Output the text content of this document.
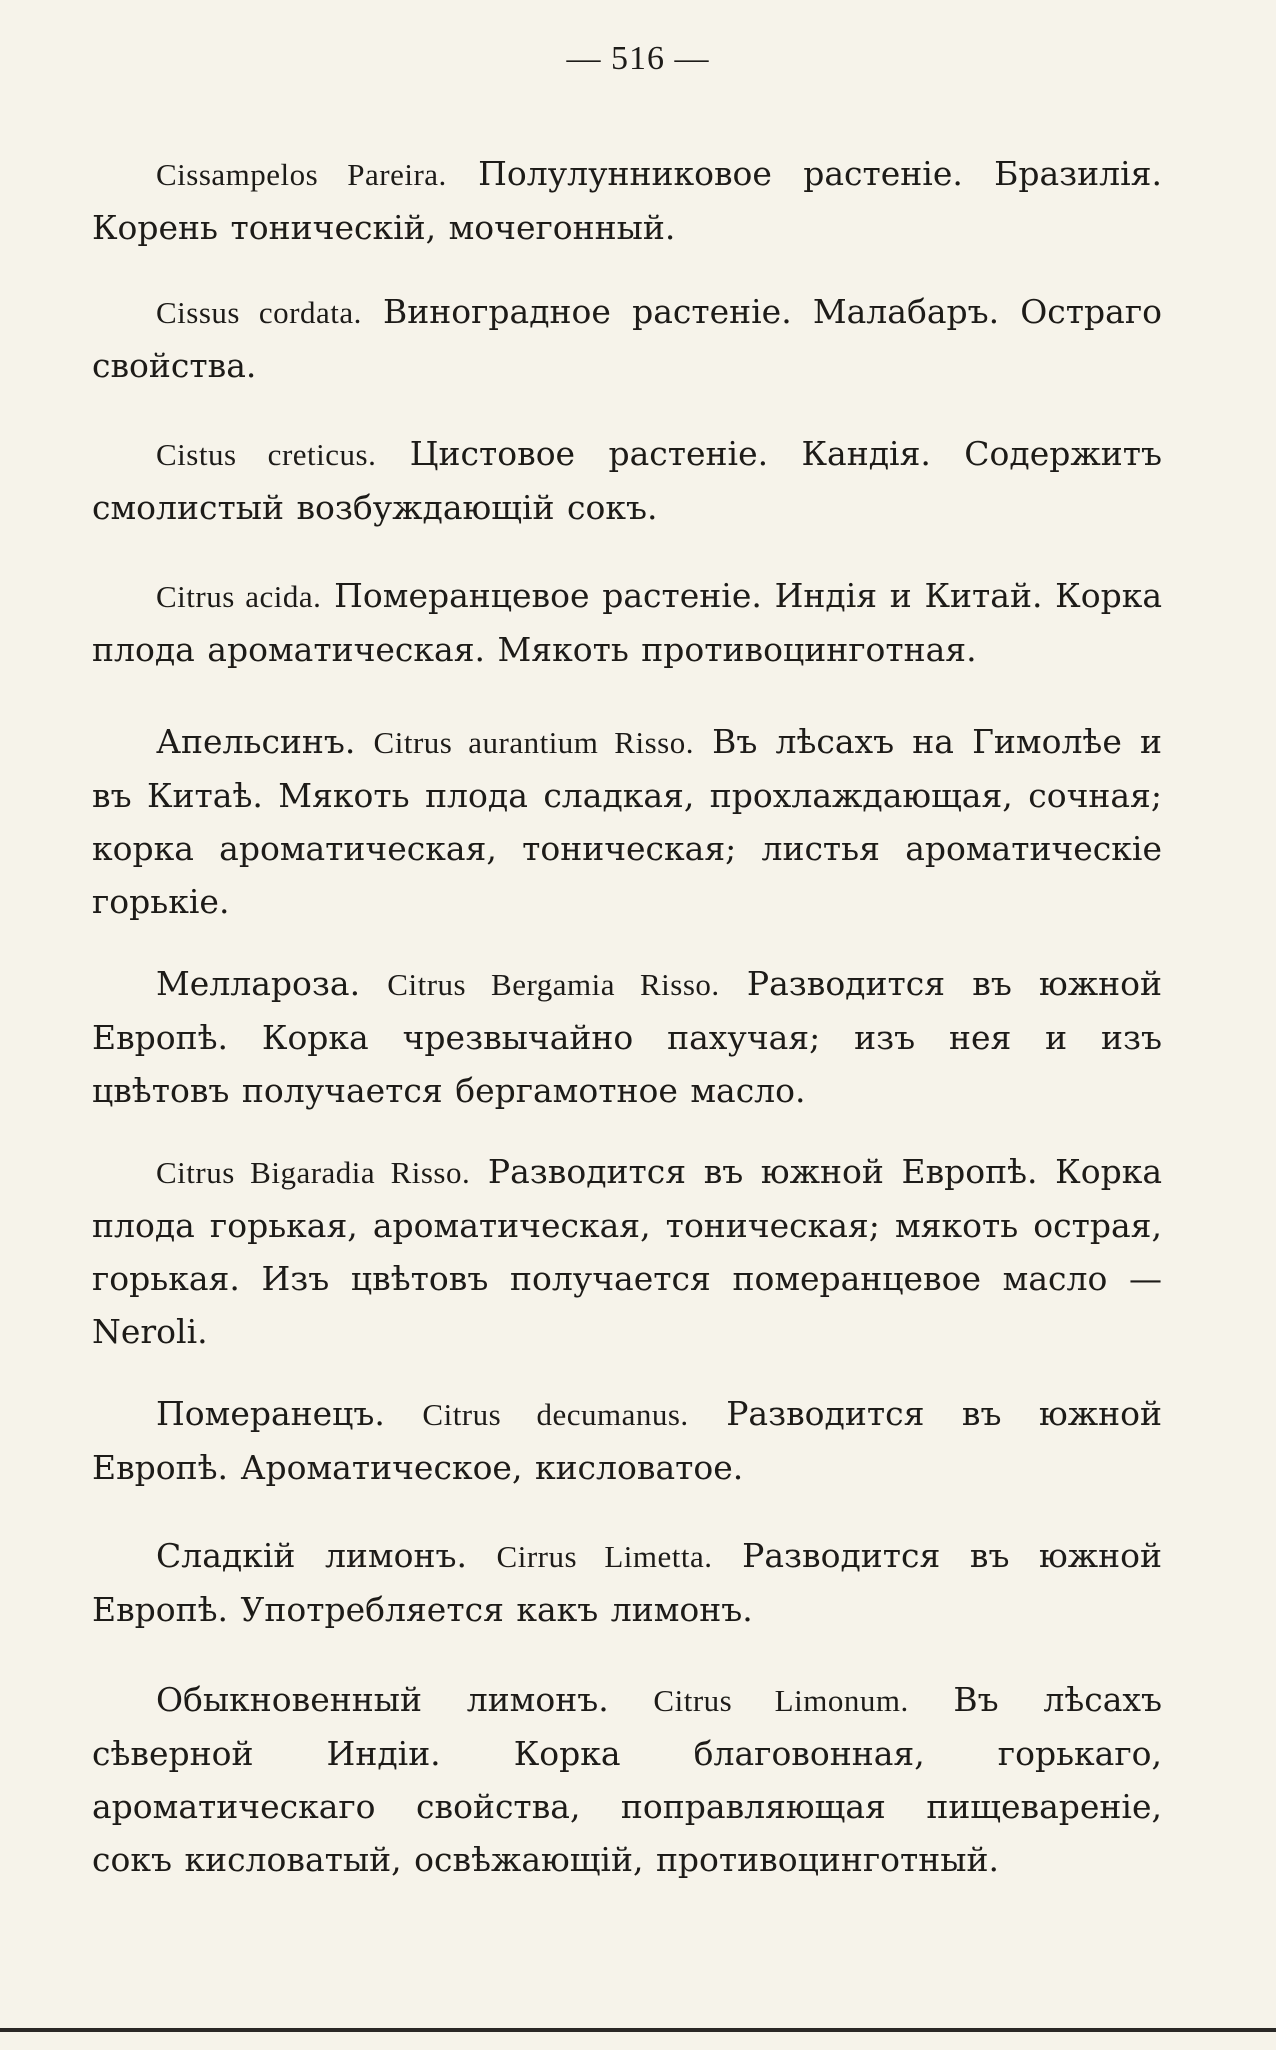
— 516 —

Cissampelos Pareira. Полулунниковое растеніе. Бразилія. Корень тоническій, мочегонный.

Cissus cordata. Виноградное растеніе. Малабаръ. Остраго свойства.

Cistus creticus. Цистовое растеніе. Кандія. Содержитъ смолистый возбуждающій сокъ.

Citrus acida. Померанцевое растеніе. Индія и Китай. Корка плода ароматическая. Мякоть противоцинготная.

Апельсинъ. Citrus aurantium Risso. Въ лѣсахъ на Гимолѣе и въ Китаѣ. Мякоть плода сладкая, прохлаждающая, сочная; корка ароматическая, тоническая; листья ароматическіе горькіе.

Меллароза. Citrus Bergamia Risso. Разводится въ южной Европѣ. Корка чрезвычайно пахучая; изъ нея и изъ цвѣтовъ получается бергамотное масло.

Citrus Bigaradia Risso. Разводится въ южной Европѣ. Корка плода горькая, ароматическая, тоническая; мякоть острая, горькая. Изъ цвѣтовъ получается померанцевое масло — Neroli.

Померанецъ. Citrus decumanus. Разводится въ южной Европѣ. Ароматическое, кисловатое.

Сладкій лимонъ. Cirrus Limetta. Разводится въ южной Европѣ. Употребляется какъ лимонъ.

Обыкновенный лимонъ. Citrus Limonum. Въ лѣсахъ сѣверной Индіи. Корка благовонная, горькаго, ароматическаго свойства, поправляющая пищевареніе, сокъ кисловатый, освѣжающій, противоцинготный.
